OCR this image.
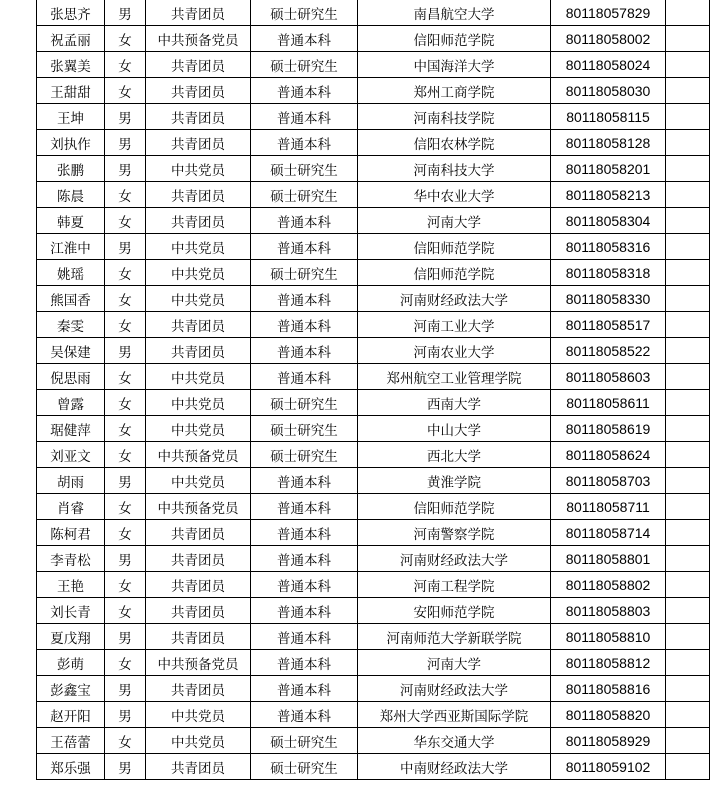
张思齐	男	共青团员	硕士研究生	南昌航空大学	80118057829	
祝孟丽	女	中共预备党员	普通本科	信阳师范学院	80118058002	
张翼美	女	共青团员	硕士研究生	中国海洋大学	80118058024	
王甜甜	女	共青团员	普通本科	郑州工商学院	80118058030	
王坤	男	共青团员	普通本科	河南科技学院	80118058115	
刘执作	男	共青团员	普通本科	信阳农林学院	80118058128	
张鹏	男	中共党员	硕士研究生	河南科技大学	80118058201	
陈晨	女	共青团员	硕士研究生	华中农业大学	80118058213	
韩夏	女	共青团员	普通本科	河南大学	80118058304	
江淮中	男	中共党员	普通本科	信阳师范学院	80118058316	
姚瑶	女	中共党员	硕士研究生	信阳师范学院	80118058318	
熊国香	女	中共党员	普通本科	河南财经政法大学	80118058330	
秦雯	女	共青团员	普通本科	河南工业大学	80118058517	
吴保建	男	共青团员	普通本科	河南农业大学	80118058522	
倪思雨	女	中共党员	普通本科	郑州航空工业管理学院	80118058603	
曾露	女	中共党员	硕士研究生	西南大学	80118058611	
琚健萍	女	中共党员	硕士研究生	中山大学	80118058619	
刘亚文	女	中共预备党员	硕士研究生	西北大学	80118058624	
胡雨	男	中共党员	普通本科	黄淮学院	80118058703	
肖睿	女	中共预备党员	普通本科	信阳师范学院	80118058711	
陈柯君	女	共青团员	普通本科	河南警察学院	80118058714	
李青松	男	共青团员	普通本科	河南财经政法大学	80118058801	
王艳	女	共青团员	普通本科	河南工程学院	80118058802	
刘长青	女	共青团员	普通本科	安阳师范学院	80118058803	
夏戊翔	男	共青团员	普通本科	河南师范大学新联学院	80118058810	
彭萌	女	中共预备党员	普通本科	河南大学	80118058812	
彭鑫宝	男	共青团员	普通本科	河南财经政法大学	80118058816	
赵开阳	男	中共党员	普通本科	郑州大学西亚斯国际学院	80118058820	
王蓓蕾	女	中共党员	硕士研究生	华东交通大学	80118058929	
郑乐强	男	共青团员	硕士研究生	中南财经政法大学	80118059102	
